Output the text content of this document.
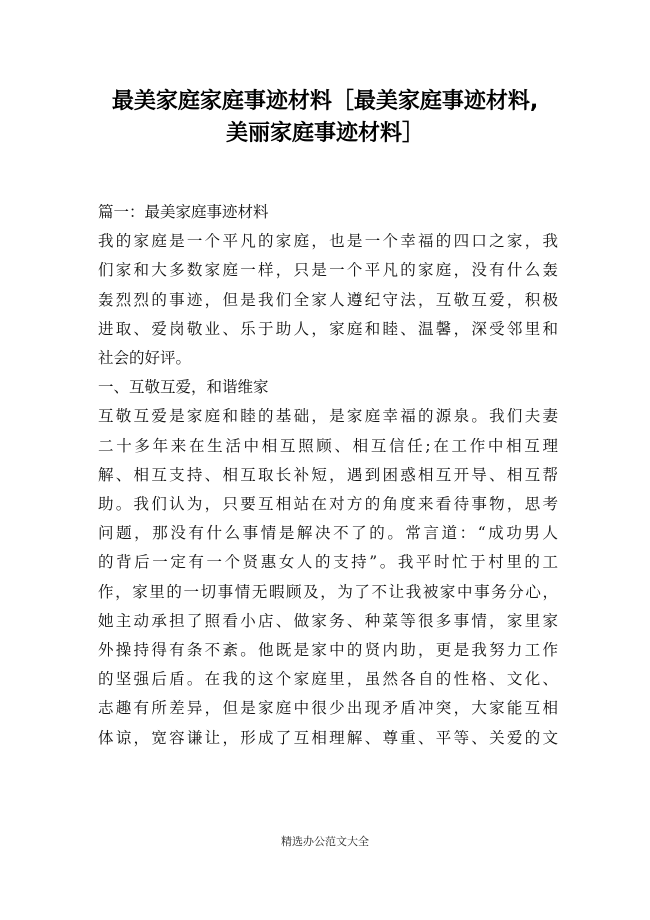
最美家庭家庭事迹材料［最美家庭事迹材料,
美丽家庭事迹材料］
篇一：最美家庭事迹材料
我的家庭是一个平凡的家庭，也是一个幸福的四口之家，我
们家和大多数家庭一样，只是一个平凡的家庭，没有什么轰
轰烈烈的事迹，但是我们全家人遵纪守法，互敬互爱，积极
进取、爱岗敬业、乐于助人，家庭和睦、温馨，深受邻里和
社会的好评。
一、互敬互爱，和谐维家
互敬互爱是家庭和睦的基础，是家庭幸福的源泉。我们夫妻
二十多年来在生活中相互照顾、相互信任;在工作中相互理
解、相互支持、相互取长补短，遇到困惑相互开导、相互帮
助。我们认为，只要互相站在对方的角度来看待事物，思考
问题，那没有什么事情是解决不了的。常言道：“成功男人
的背后一定有一个贤惠女人的支持”。我平时忙于村里的工
作，家里的一切事情无暇顾及，为了不让我被家中事务分心，
她主动承担了照看小店、做家务、种菜等很多事情，家里家
外操持得有条不紊。他既是家中的贤内助，更是我努力工作
的坚强后盾。在我的这个家庭里，虽然各自的性格、文化、
志趣有所差异，但是家庭中很少出现矛盾冲突，大家能互相
体谅，宽容谦让，形成了互相理解、尊重、平等、关爱的文
精选办公范文大全
